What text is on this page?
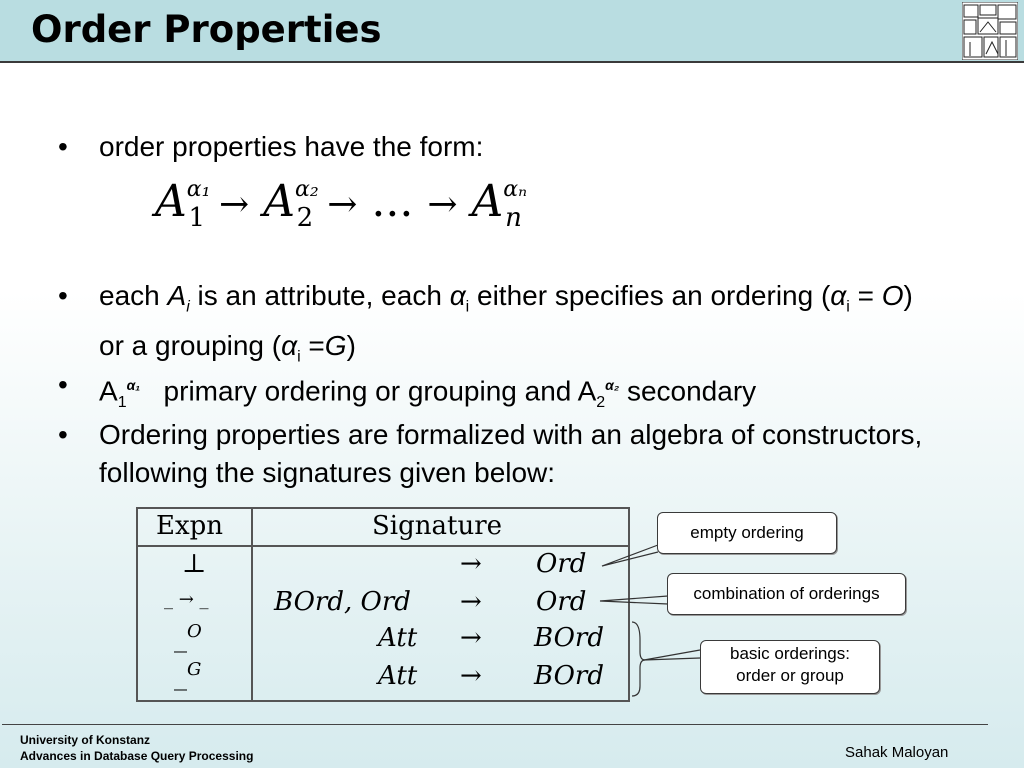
Order Properties
• order properties have the form:
• each $A_i$ is an attribute, each $\alpha_i$ either specifies an ordering $(\alpha_i = O)$ or a grouping $(\alpha_i =G)$
• $A_1^{\alpha_1}$   primary ordering or grouping and $A_2^{\alpha_2}$ secondary
• Ordering properties are formalized with an algebra of constructors, following the signatures given below:
$A^{\alpha_1}_1 \to A^{\alpha_2}_2$ → ... → $A^{\alpha_n}_n$
Expn	Signature
⊥	→ Ord
_ → _	BOrd, Ord → Ord
_$^O$	Att → BOrd
_$^G$	Att → BOrd
empty ordering
combination of orderings
basic orderings:
order or group
University of Konstanz
Advances in Database Query Processing	Sahak Maloyan
